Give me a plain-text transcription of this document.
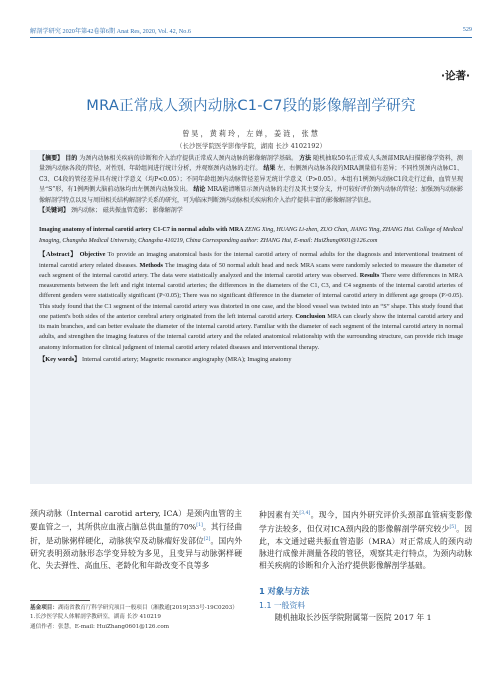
解剖学研究 2020年第42卷第6期 Anat Res, 2020, Vol. 42, No.6	529
·论著·
MRA正常成人颈内动脉C1-C7段的影像解剖学研究
曾昊，黄莉玲，左婵，姜涟，张慧
（长沙医学院医学影像学院，湖南 长沙 4102192）
【摘要】 目的 为颈内动脉相关疾病的诊断和介入治疗提供正常成人颈内动脉的影像解剖学基础。 方法 随机抽取50名正常成人头颈部MRA扫描影像学资料，测量颈内动脉各段的管径，对性别、年龄组间进行统计分析，并观察颈内动脉的走行。 结果 左、右侧颈内动脉各段的MRA测量值有差异；不同性别颈内动脉C1、C3、C4段的管径差异具有统计学意义（均P<0.05）；不同年龄组颈内动脉管径差异无统计学意义（P>0.05）。本组有1例颈内动脉C1段走行迂曲，血管呈现呈“S”形，有1例两侧大脑前动脉均由左侧颈内动脉发出。 结论 MRA能清晰显示颈内动脉的走行及其主要分支，并可较好评价颈内动脉的管径；加强颈内动脉影像解剖学特点以及与周围相关结构解剖学关系的研究，可为临床判断颈内动脉相关疾病和介入治疗提供丰富的影像解剖学信息。
【关键词】 颈内动脉； 磁共振血管造影； 影像解剖学
Imaging anatomy of internal carotid artery C1-C7 in normal adults with MRA ZENG Xing, HUANG Li-zhen, ZUO Chan, JIANG Ying, ZHANG Hui. College of Medical Imaging, Changsha Medical University, Changsha 410219, China Corresponding author: ZHANG Hui, E-mail: HuiZhang0601@126.com
【Abstract】 Objective To provide an imaging anatomical basis for the internal carotid artery of normal adults for the diagnosis and interventional treatment of internal carotid artery related diseases. Methods The imaging data of 50 normal adult head and neck MRA scans were randomly selected to measure the diameter of each segment of the internal carotid artery. The data were statistically analyzed and the internal carotid artery was observed. Results There were differences in MRA measurements between the left and right internal carotid arteries; the differences in the diameters of the C1, C3, and C4 segments of the internal carotid arteries of different genders were statistically significant (P<0.05); There was no significant difference in the diameter of internal carotid artery in different age groups (P>0.05). This study found that the C1 segment of the internal carotid artery was distorted in one case, and the blood vessel was twisted into an “S” shape. This study found that one patient's both sides of the anterior cerebral artery originated from the left internal carotid artery. Conclusion MRA can clearly show the internal carotid artery and its main branches, and can better evaluate the diameter of the internal carotid artery. Familiar with the diameter of each segment of the internal carotid artery in normal adults, and strengthen the imaging features of the internal carotid artery and the related anatomical relationship with the surrounding structure, can provide rich image anatomy information for clinical judgment of internal carotid artery related diseases and interventional therapy.
【Key words】 Internal carotid artery; Magnetic resonance angiography (MRA); Imaging anatomy
颈内动脉（Internal carotid artery, ICA）是颈内血管的主要血管之一，其所供应血液占脑总供血量的70%[1]。其行径曲折，是动脉粥样硬化，动脉狭窄及动脉瘤好发部位[2]。国内外研究表明颈动脉形态学变异较为多见，且变异与动脉粥样硬化、失去弹性、高血压、老龄化和年龄改变不良等多
基金项目：湖南省教育厅科学研究项目一般项目（湘教通[2019]353号-19C0203）
1.长沙医学院人体解剖学教研室，湖南 长沙 410219
通信作者：张慧，E-mail: HuiZhang0601@126.com
种因素有关[3,4]。现今，国内外研究评价头颈部血管病变影像学方法较多，但仅对ICA颈内段的影像解剖学研究较少[5]。因此，本文通过磁共振血管造影（MRA）对正常成人的颈内动脉进行成像并测量各段的管径，观察其走行特点，为颈内动脉相关疾病的诊断和介入治疗提供影像解剖学基础。
1 对象与方法
1.1 一般资料
随机抽取长沙医学院附属第一医院 2017 年 1
